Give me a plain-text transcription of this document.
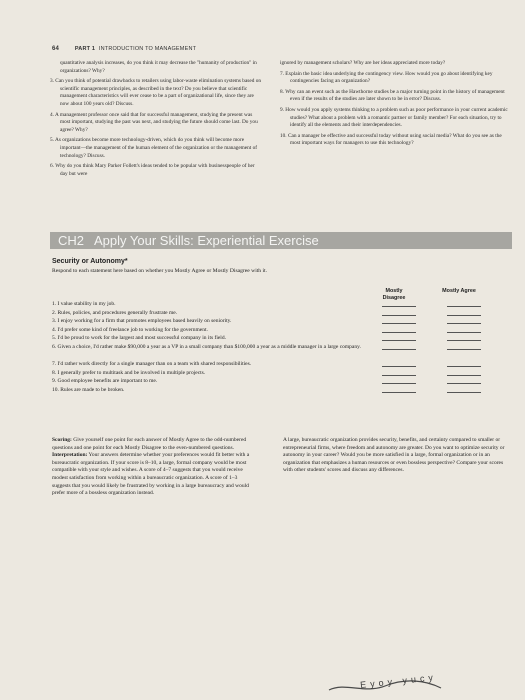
64	PART 1 INTRODUCTION TO MANAGEMENT

quantitative analysis increases, do you think it may decrease the "humanity of production" in organizations? Why?

3. Can you think of potential drawbacks to retailers using labor-waste elimination systems based on scientific management principles, as described in the text? Do you believe that scientific management characteristics will ever cease to be a part of organizational life, since they are now about 100 years old? Discuss.

4. A management professor once said that for successful management, studying the present was most important, studying the past was next, and studying the future should come last. Do you agree? Why?

5. As organizations become more technology-driven, which do you think will become more important—the management of the human element of the organization or the management of technology? Discuss.

6. Why do you think Mary Parker Follett's ideas tended to be popular with businesspeople of her day but were

ignored by management scholars? Why are her ideas appreciated more today?

7. Explain the basic idea underlying the contingency view. How would you go about identifying key contingencies facing an organization?

8. Why can an event such as the Hawthorne studies be a major turning point in the history of management even if the results of the studies are later shown to be in error? Discuss.

9. How would you apply systems thinking to a problem such as poor performance in your current academic studies? What about a problem with a romantic partner or family member? For each situation, try to identify all the elements and their interdependencies.

10. Can a manager be effective and successful today without using social media? What do you see as the most important ways for managers to use this technology?

CH2 Apply Your Skills: Experiential Exercise
Security or Autonomy*
Respond to each statement here based on whether you Mostly Agree or Mostly Disagree with it.
Mostly Disagree
Mostly Agree
1. I value stability in my job.
2. Rules, policies, and procedures generally frustrate me.
3. I enjoy working for a firm that promotes employees based heavily on seniority.
4. I'd prefer some kind of freelance job to working for the government.
5. I'd be proud to work for the largest and most successful company in its field.
6. Given a choice, I'd rather make $90,000 a year as a VP in a small company than $100,000 a year as a middle manager in a large company.
7. I'd rather work directly for a single manager than on a team with shared responsibilities.
8. I generally prefer to multitask and be involved in multiple projects.
9. Good employee benefits are important to me.
10. Rules are made to be broken.
Scoring: Give yourself one point for each answer of Mostly Agree to the odd-numbered questions and one point for each Mostly Disagree to the even-numbered questions. Interpretation: Your answers determine whether your preferences would fit better with a bureaucratic organization. If your score is 8–10, a large, formal company would be most compatible with your style and wishes. A score of 4–7 suggests that you would receive modest satisfaction from working within a bureaucratic organization. A score of 1–3 suggests that you would likely be frustrated by working in a large bureaucracy and would prefer more of a bossless organization instead.
A large, bureaucratic organization provides security, benefits, and certainty compared to smaller or entrepreneurial firms, where freedom and autonomy are greater. Do you want to optimize security or autonomy in your career? Would you be more satisfied in a large, formal organization or in an organization that emphasizes a human resources or even bossless perspective? Compare your scores with other students' scores and discuss any differences.
Eyoy yucy
